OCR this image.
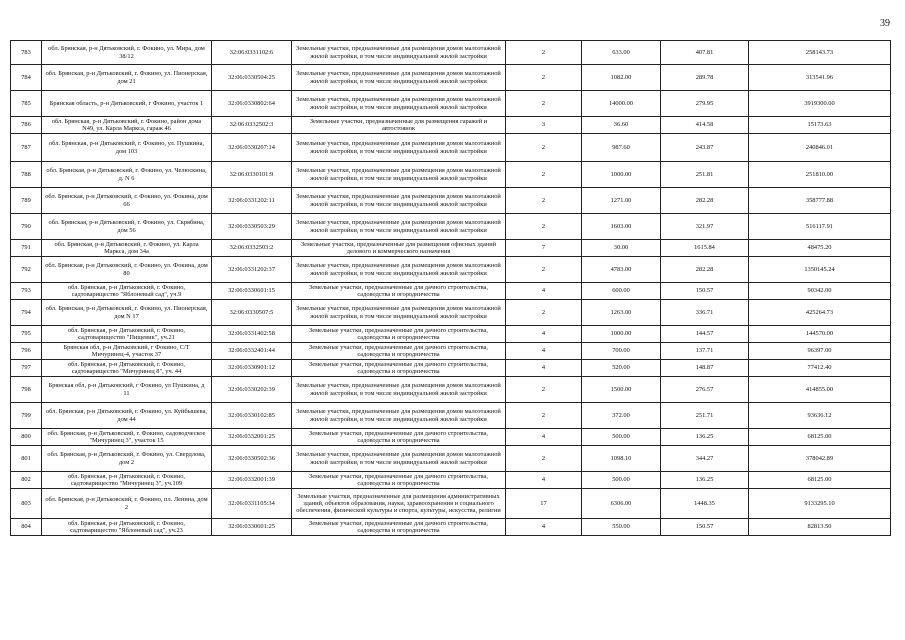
39
783	обл. Брянская, р-н Дятьковский, г. Фокино, ул. Мира, дом 38/12	32:06:0331102:6	Земельные участки, предназначенные для размещения домов малоэтажной жилой застройки, в том числе индивидуальной жилой застройки	2	633.00	407.81	258143.73
784	обл. Брянская, р-н Дятьковский, г. Фокино, ул. Пионерская, дом 21	32:06:0330504:25	Земельные участки, предназначенные для размещения домов малоэтажной жилой застройки, в том числе индивидуальной жилой застройки	2	1082.00	289.78	313541.96
785	Брянская область, р-н Дятьковский, г Фокино, участок 1	32:06:0330802:64	Земельные участки, предназначенные для размещения домов малоэтажной жилой застройки, в том числе индивидуальной жилой застройки	2	14000.00	279.95	3919300.00
786	обл. Брянская, р-н Дятьковский, г. Фокино, район дома N49, ул. Карла Маркса, гараж 46	32:06:0332502:3	Земельные участки, предназначенные для размещения гаражей и автостоянок	3	36.60	414.58	15173.63
787	обл. Брянская, р-н Дятьковский, г. Фокино, ул. Пушкина, дом 103	32:06:0330207:14	Земельные участки, предназначенные для размещения домов малоэтажной жилой застройки, в том числе индивидуальной жилой застройки	2	987.60	243.87	240846.01
788	обл. Брянская, р-н Дятьковский, г. Фокино, ул. Челюскина, д. N 6	32:06:0330101:9	Земельные участки, предназначенные для размещения домов малоэтажной жилой застройки, в том числе индивидуальной жилой застройки	2	1000.00	251.81	251810.00
789	обл. Брянская, р-н Дятьковский, г. Фокино, ул. Фокина, дом 66	32:06:0331202:11	Земельные участки, предназначенные для размещения домов малоэтажной жилой застройки, в том числе индивидуальной жилой застройки	2	1271.00	282.28	358777.88
790	обл. Брянская, р-н Дятьковский, г. Фокино, ул. Скрябина, дом 56	32:06:0330503:29	Земельные участки, предназначенные для размещения домов малоэтажной жилой застройки, в том числе индивидуальной жилой застройки	2	1603.00	321.97	516117.91
791	обл. Брянская, р-н Дятьковский, г. Фокино, ул. Карла Маркса, дом 34а	32:06:0332503:2	Земельные участки, предназначенные для размещения офисных зданий делового и коммерческого назначения	7	30.00	1615.84	48475.20
792	обл. Брянская, р-н Дятьковский, г. Фокино, ул. Фокина, дом 80	32:06:0331202:37	Земельные участки, предназначенные для размещения домов малоэтажной жилой застройки, в том числе индивидуальной жилой застройки	2	4783.00	282.28	1350145.24
793	обл. Брянская, р-н Дятьковский, г. Фокино, садтоварищество "Яблоневый сад", уч.9	32:06:0330601:15	Земельные участки, предназначенные для дачного строительства, садоводства и огородничества	4	600.00	150.57	90342.00
794	обл. Брянская, р-н Дятьковский, г. Фокино, ул. Пионерская, дом N 17	32:06:0330507:5	Земельные участки, предназначенные для размещения домов малоэтажной жилой застройки, в том числе индивидуальной жилой застройки	2	1263.00	336.71	425264.73
795	обл. Брянская, р-н Дятьковский, г. Фокино, садтоварищество "Пищевик", уч.21	32:06:0331402:58	Земельные участки, предназначенные для дачного строительства, садоводства и огородничества	4	1000.00	144.57	144570.00
796	Брянская обл, р-н Дятьковский, г Фокино, С/Т Мичуринец-4, участок 37	32:06:0332401:44	Земельные участки, предназначенные для дачного строительства, садоводства и огородничества	4	700.00	137.71	96397.00
797	обл. Брянская, р-н Дятьковский, г. Фокино, садтоварищество "Мичуринец 8", уч. 44	32:06:0330901:12	Земельные участки, предназначенные для дачного строительства, садоводства и огородничества	4	520.00	148.87	77412.40
798	Брянская обл, р-н Дятьковский, г Фокино, ул Пушкина, д 11	32:06:0330202:39	Земельные участки, предназначенные для размещения домов малоэтажной жилой застройки, в том числе индивидуальной жилой застройки	2	1500.00	276.57	414855.00
799	обл. Брянская, р-н Дятьковский, г. Фокино, ул. Куйбышева, дом 44	32:06:0330102:85	Земельные участки, предназначенные для размещения домов малоэтажной жилой застройки, в том числе индивидуальной жилой застройки	2	372.00	251.71	93636.12
800	обл. Брянская, р-н Дятьковский, г. Фокино, садоводческое "Мичуринец 3", участок 15	32:06:0332001:25	Земельные участки, предназначенные для дачного строительства, садоводства и огородничества	4	500.00	136.25	68125.00
801	обл. Брянская, р-н Дятьковский, г. Фокино, ул. Свердлова, дом 2	32:06:0330502:36	Земельные участки, предназначенные для размещения домов малоэтажной жилой застройки, в том числе индивидуальной жилой застройки	2	1098.10	344.27	378042.89
802	обл. Брянская, р-н Дятьковский, г. Фокино, садтоварищество "Мичуринец 3", уч.109	32:06:0332001:39	Земельные участки, предназначенные для дачного строительства, садоводства и огородничества	4	500.00	136.25	68125.00
803	обл. Брянская, р-н Дятьковский, г. Фокино, пл. Ленина, дом 2	32:06:0331105:34	Земельные участки, предназначенные для размещения административных зданий, объектов образования, науки, здравоохранения и социального обеспечения, физической культуры и спорта, культуры, искусства, религии	17	6306.00	1448.35	9133295.10
804	обл. Брянская, р-н Дятьковский, г. Фокино, садтоварищество "Яблоневый сад", уч.23	32:06:0330601:25	Земельные участки, предназначенные для дачного строительства, садоводства и огородничества	4	550.00	150.57	82813.50
